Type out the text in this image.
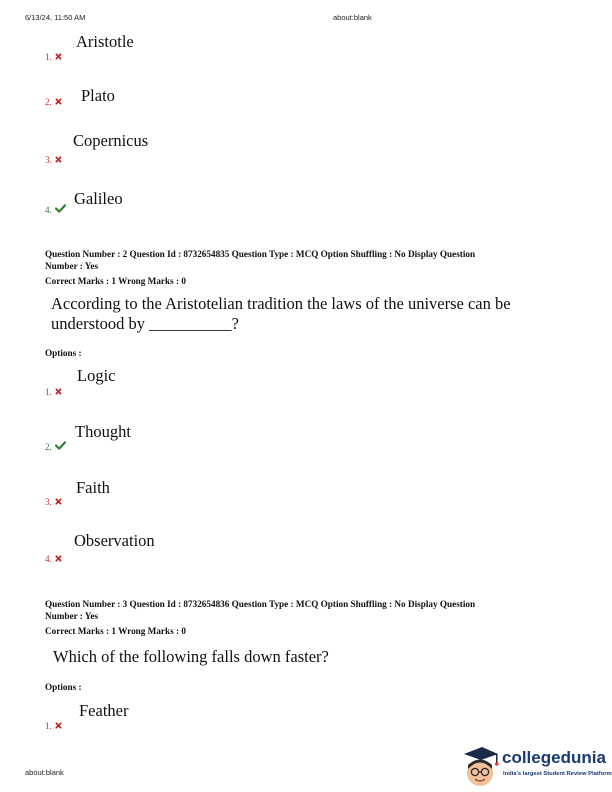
6/13/24, 11:50 AM	about:blank
Aristotle
1.
Plato
2.
Copernicus
3.
Galileo
4.
Question Number : 2 Question Id : 8732654835 Question Type : MCQ Option Shuffling : No Display Question
Number : Yes
Correct Marks : 1 Wrong Marks : 0
According to the Aristotelian tradition the laws of the universe can be
understood by __________?
Options :
Logic
1.
Thought
2.
Faith
3.
Observation
4.
Question Number : 3 Question Id : 8732654836 Question Type : MCQ Option Shuffling : No Display Question
Number : Yes
Correct Marks : 1 Wrong Marks : 0
Which of the following falls down faster?
Options :
Feather
1.
about:blank
collegedunia
India's largest Student Review Platform
